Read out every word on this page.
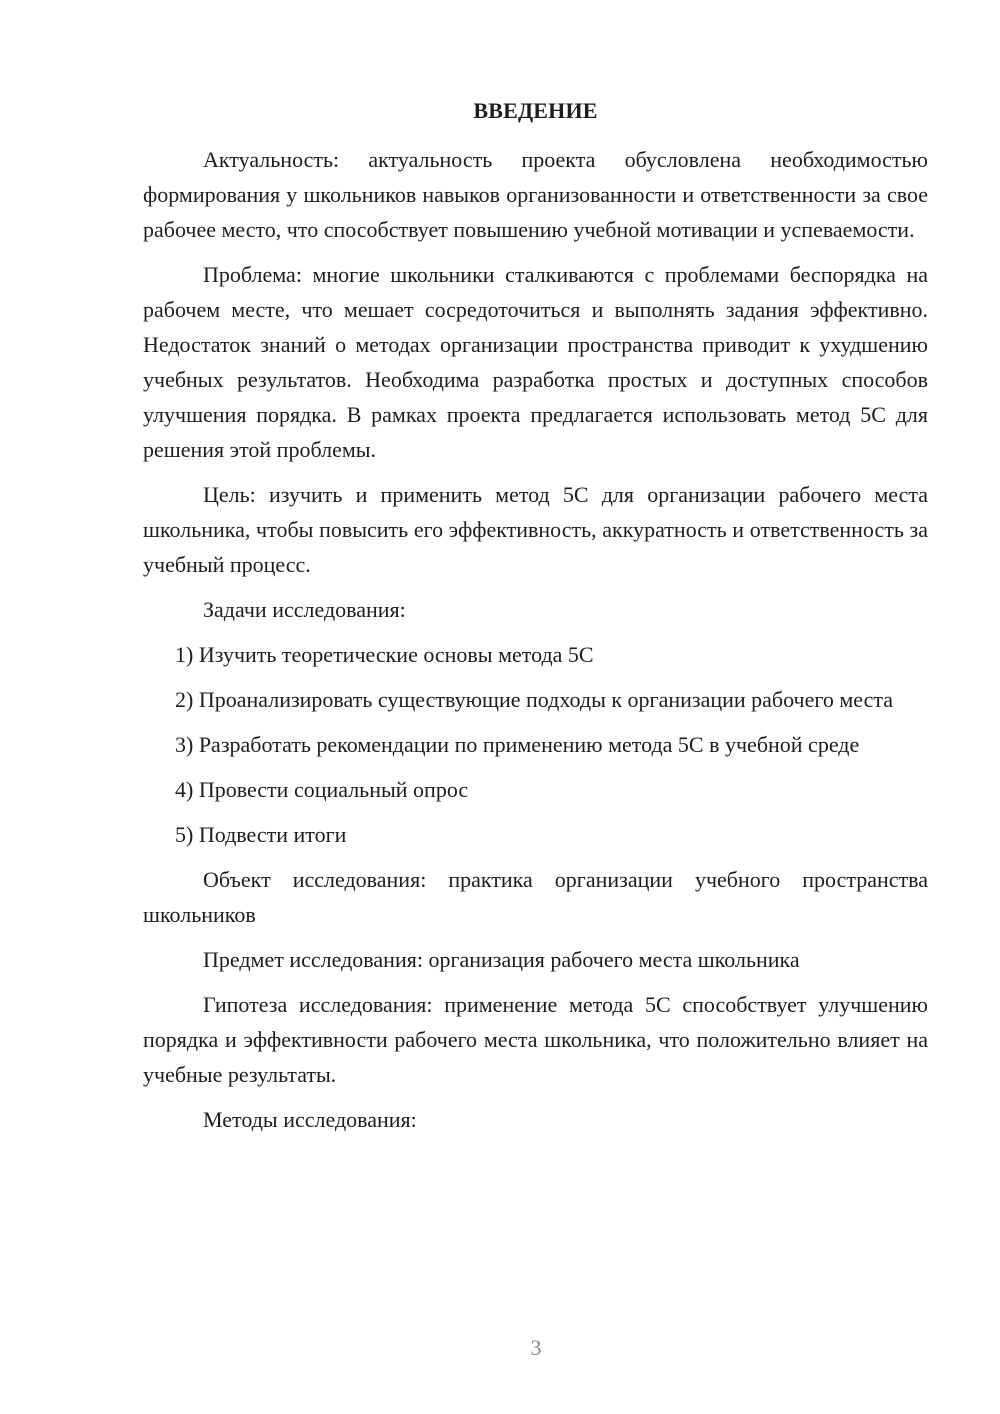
ВВЕДЕНИЕ

Актуальность: актуальность проекта обусловлена необходимостью формирования у школьников навыков организованности и ответственности за свое рабочее место, что способствует повышению учебной мотивации и успеваемости.

Проблема: многие школьники сталкиваются с проблемами беспорядка на рабочем месте, что мешает сосредоточиться и выполнять задания эффективно. Недостаток знаний о методах организации пространства приводит к ухудшению учебных результатов. Необходима разработка простых и доступных способов улучшения порядка. В рамках проекта предлагается использовать метод 5С для решения этой проблемы.

Цель: изучить и применить метод 5С для организации рабочего места школьника, чтобы повысить его эффективность, аккуратность и ответственность за учебный процесс.

Задачи исследования:

1) Изучить теоретические основы метода 5С

2) Проанализировать существующие подходы к организации рабочего места

3) Разработать рекомендации по применению метода 5С в учебной среде

4) Провести социальный опрос

5) Подвести итоги

Объект исследования: практика организации учебного пространства школьников

Предмет исследования: организация рабочего места школьника

Гипотеза исследования: применение метода 5С способствует улучшению порядка и эффективности рабочего места школьника, что положительно влияет на учебные результаты.

Методы исследования:

3
